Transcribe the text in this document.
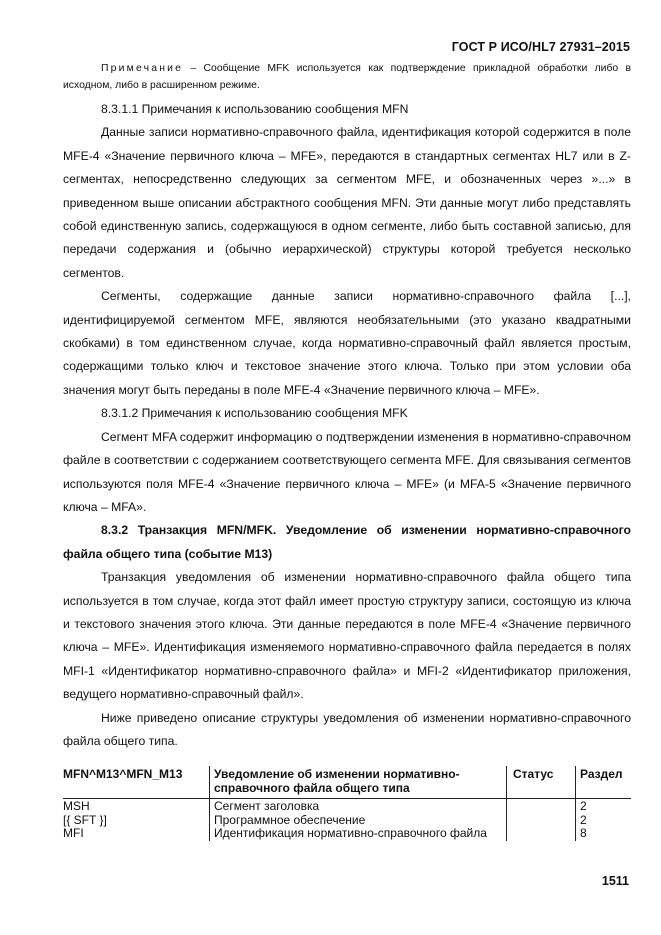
ГОСТ Р ИСО/HL7 27931–2015

Примечание – Сообщение MFK используется как подтверждение прикладной обработки либо в исходном, либо в расширенном режиме.

8.3.1.1 Примечания к использованию сообщения MFN

Данные записи нормативно-справочного файла, идентификация которой содержится в поле MFE-4 «Значение первичного ключа – MFE», передаются в стандартных сегментах HL7 или в Z-сегментах, непосредственно следующих за сегментом MFE, и обозначенных через »...» в приведенном выше описании абстрактного сообщения MFN. Эти данные могут либо представлять собой единственную запись, содержащуюся в одном сегменте, либо быть составной записью, для передачи содержания и (обычно иерархической) структуры которой требуется несколько сегментов.

Сегменты, содержащие данные записи нормативно-справочного файла [...], идентифицируемой сегментом MFE, являются необязательными (это указано квадратными скобками) в том единственном случае, когда нормативно-справочный файл является простым, содержащими только ключ и текстовое значение этого ключа. Только при этом условии оба значения могут быть переданы в поле MFE-4 «Значение первичного ключа – MFE».

8.3.1.2 Примечания к использованию сообщения MFK

Сегмент MFA содержит информацию о подтверждении изменения в нормативно-справочном файле в соответствии с содержанием соответствующего сегмента MFE. Для связывания сегментов используются поля MFE-4 «Значение первичного ключа – MFE» (и MFA-5 «Значение первичного ключа – MFA».

8.3.2 Транзакция MFN/MFK. Уведомление об изменении нормативно-справочного файла общего типа (событие M13)

Транзакция уведомления об изменении нормативно-справочного файла общего типа используется в том случае, когда этот файл имеет простую структуру записи, состоящую из ключа и текстового значения этого ключа. Эти данные передаются в поле MFE-4 «Значение первичного ключа – MFE». Идентификация изменяемого нормативно-справочного файла передается в полях MFI-1 «Идентификатор нормативно-справочного файла» и MFI-2 «Идентификатор приложения, ведущего нормативно-справочный файл».

Ниже приведено описание структуры уведомления об изменении нормативно-справочного файла общего типа.

MFN^M13^MFN_M13	Уведомление об изменении нормативно-справочного файла общего типа	Статус	Раздел
MSH	Сегмент заголовка		2
[{ SFT }]	Программное обеспечение		2
MFI	Идентификация нормативно-справочного файла		8
1511
